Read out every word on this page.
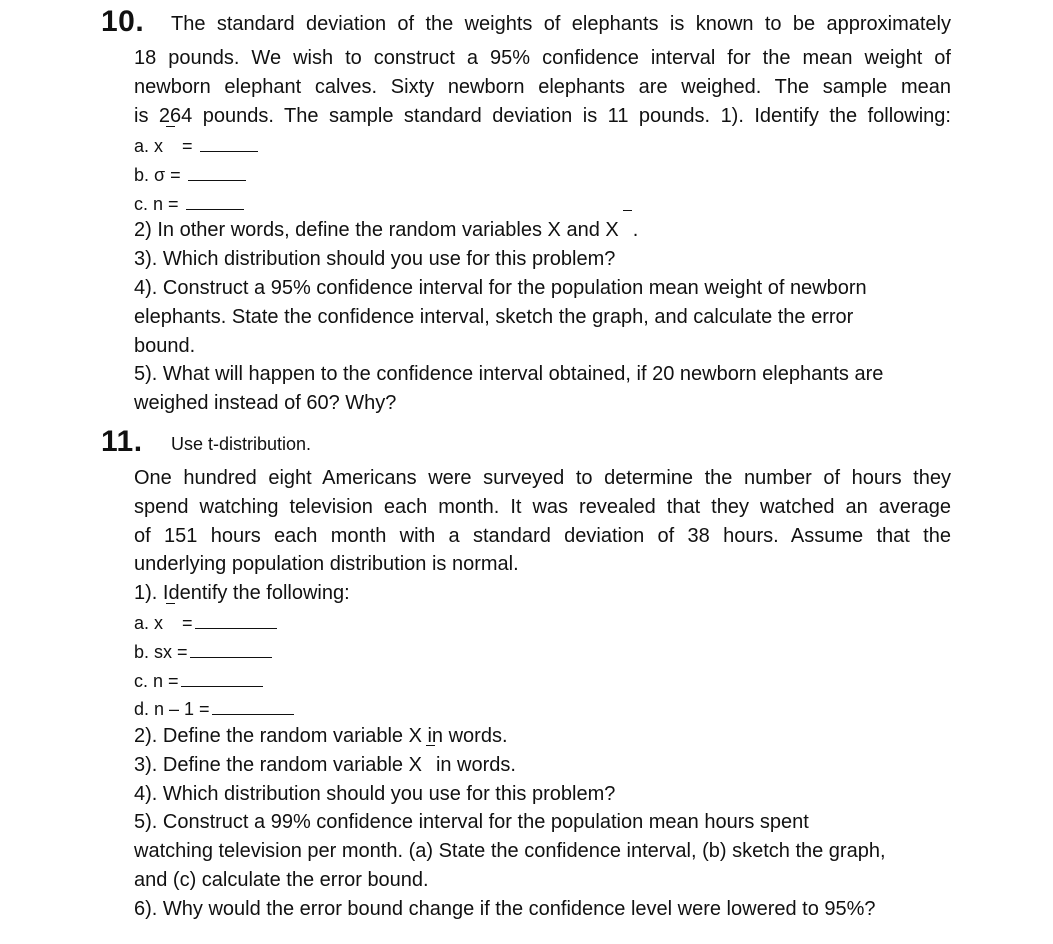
10. The standard deviation of the weights of elephants is known to be approximately
18 pounds. We wish to construct a 95% confidence interval for the mean weight of
newborn elephant calves. Sixty newborn elephants are weighed. The sample mean
is 264 pounds. The sample standard deviation is 11 pounds. 1). Identify the following:
a. x =
b. σ =
c. n =
2) In other words, define the random variables X and X .
3). Which distribution should you use for this problem?
4). Construct a 95% confidence interval for the population mean weight of newborn
elephants. State the confidence interval, sketch the graph, and calculate the error
bound.
5). What will happen to the confidence interval obtained, if 20 newborn elephants are
weighed instead of 60? Why?
11. Use t-distribution.
One hundred eight Americans were surveyed to determine the number of hours they
spend watching television each month. It was revealed that they watched an average
of 151 hours each month with a standard deviation of 38 hours. Assume that the
underlying population distribution is normal.
1). Identify the following:
a. x =
b. sx =
c. n =
d. n – 1 =
2). Define the random variable X in words.
3). Define the random variable X in words.
4). Which distribution should you use for this problem?
5). Construct a 99% confidence interval for the population mean hours spent
watching television per month. (a) State the confidence interval, (b) sketch the graph,
and (c) calculate the error bound.
6). Why would the error bound change if the confidence level were lowered to 95%?
